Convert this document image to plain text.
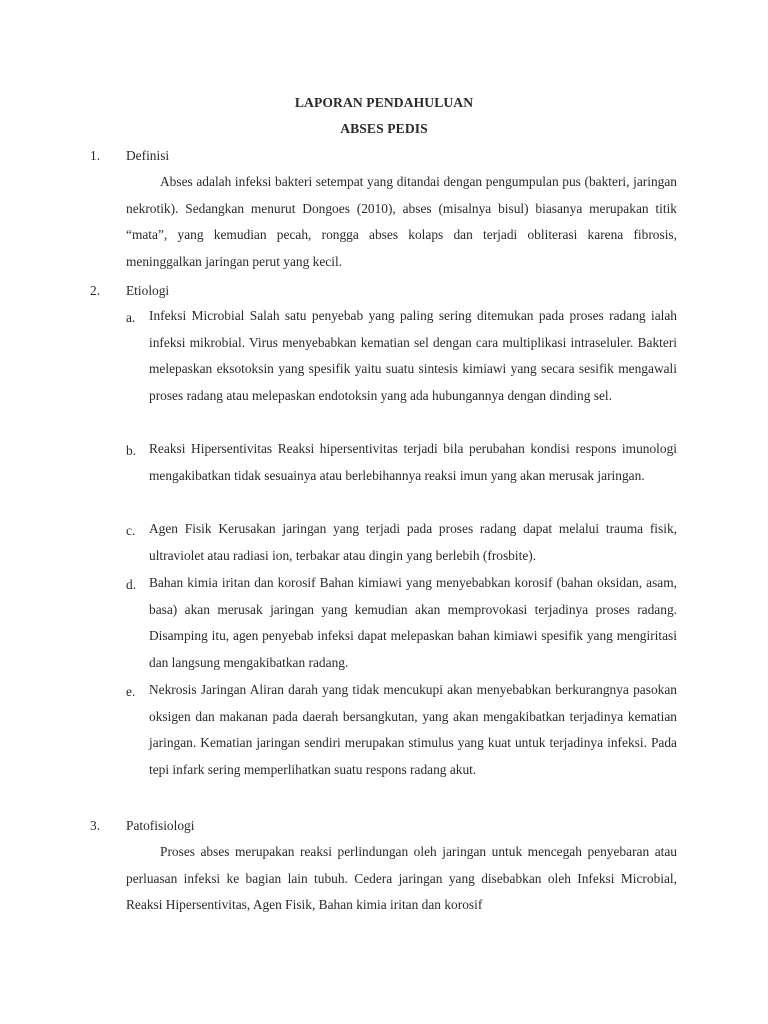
LAPORAN PENDAHULUAN
ABSES PEDIS
1. Definisi

Abses adalah infeksi bakteri setempat yang ditandai dengan pengumpulan pus (bakteri, jaringan nekrotik). Sedangkan menurut Dongoes (2010), abses (misalnya bisul) biasanya merupakan titik “mata”, yang kemudian pecah, rongga abses kolaps dan terjadi obliterasi karena fibrosis, meninggalkan jaringan perut yang kecil.

2. Etiologi
a. Infeksi Microbial Salah satu penyebab yang paling sering ditemukan pada proses radang ialah infeksi mikrobial. Virus menyebabkan kematian sel dengan cara multiplikasi intraseluler. Bakteri melepaskan eksotoksin yang spesifik yaitu suatu sintesis kimiawi yang secara sesifik mengawali proses radang atau melepaskan endotoksin yang ada hubungannya dengan dinding sel.

b. Reaksi Hipersentivitas Reaksi hipersentivitas terjadi bila perubahan kondisi respons imunologi mengakibatkan tidak sesuainya atau berlebihannya reaksi imun yang akan merusak jaringan.

c. Agen Fisik Kerusakan jaringan yang terjadi pada proses radang dapat melalui trauma fisik, ultraviolet atau radiasi ion, terbakar atau dingin yang berlebih (frosbite).

d. Bahan kimia iritan dan korosif Bahan kimiawi yang menyebabkan korosif (bahan oksidan, asam, basa) akan merusak jaringan yang kemudian akan memprovokasi terjadinya proses radang. Disamping itu, agen penyebab infeksi dapat melepaskan bahan kimiawi spesifik yang mengiritasi dan langsung mengakibatkan radang.

e. Nekrosis Jaringan Aliran darah yang tidak mencukupi akan menyebabkan berkurangnya pasokan oksigen dan makanan pada daerah bersangkutan, yang akan mengakibatkan terjadinya kematian jaringan. Kematian jaringan sendiri merupakan stimulus yang kuat untuk terjadinya infeksi. Pada tepi infark sering memperlihatkan suatu respons radang akut.

3. Patofisiologi

Proses abses merupakan reaksi perlindungan oleh jaringan untuk mencegah penyebaran atau perluasan infeksi ke bagian lain tubuh. Cedera jaringan yang disebabkan oleh Infeksi Microbial, Reaksi Hipersentivitas, Agen Fisik, Bahan kimia iritan dan korosif
